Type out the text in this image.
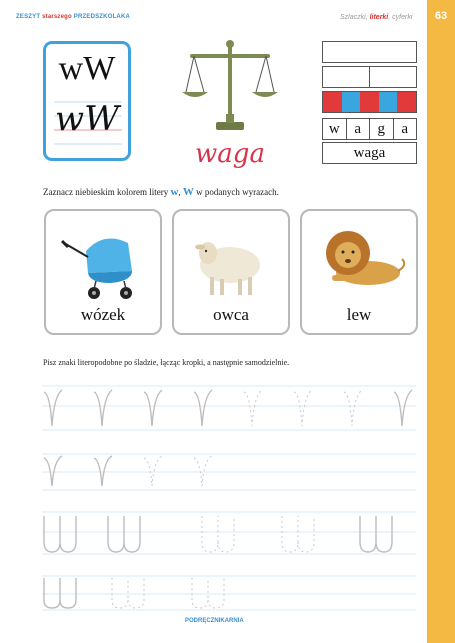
63
ZESZYT starszego PRZEDSZKOLAKA	Szlaczki, literki, cyferki
wW
wW
waga
w a	g	a
waga
Zaznacz niebieskim kolorem litery w, W w podanych wyrazach.
wózek	owca	lew
Pisz znaki literopodobne po śladzie, łącząc kropki, a następnie samodzielnie.
PODRĘCZNIKARNIA
